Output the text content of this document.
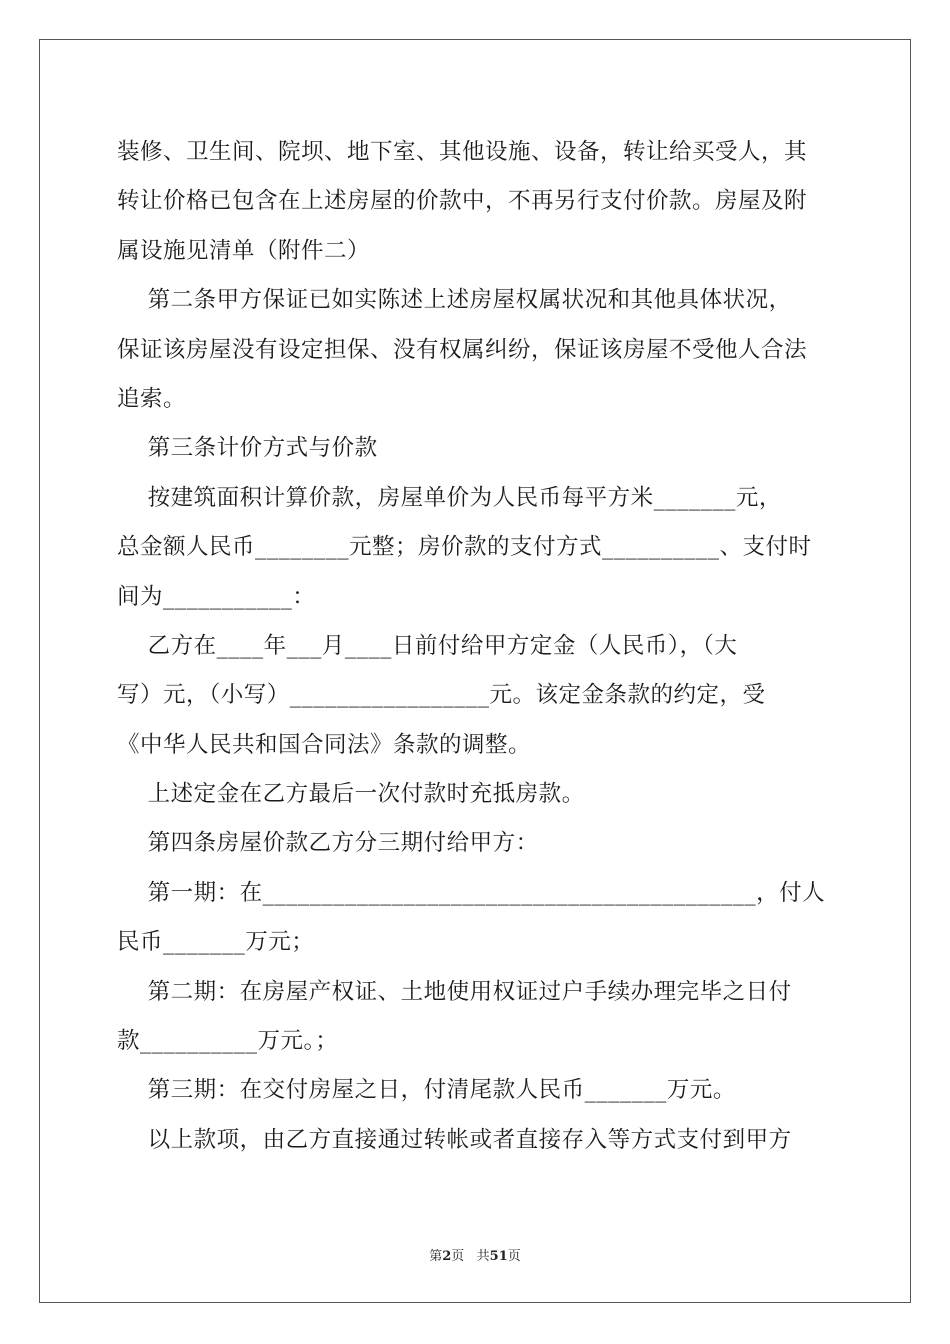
装修、卫生间、院坝、地下室、其他设施、设备，转让给买受人，其
转让价格已包含在上述房屋的价款中，不再另行支付价款。房屋及附
属设施见清单（附件二）
第二条甲方保证已如实陈述上述房屋权属状况和其他具体状况，
保证该房屋没有设定担保、没有权属纠纷，保证该房屋不受他人合法
追索。
第三条计价方式与价款
按建筑面积计算价款，房屋单价为人民币每平方米_______元，
总金额人民币________元整；房价款的支付方式__________、支付时
间为___________：
乙方在____年___月____日前付给甲方定金（人民币），（大
写）元，（小写）_________________元。该定金条款的约定，受
《中华人民共和国合同法》条款的调整。
上述定金在乙方最后一次付款时充抵房款。
第四条房屋价款乙方分三期付给甲方：
第一期：在__________________________________________，付人
民币_______万元；
第二期：在房屋产权证、土地使用权证过户手续办理完毕之日付
款__________万元。；
第三期：在交付房屋之日，付清尾款人民币_______万元。
以上款项，由乙方直接通过转帐或者直接存入等方式支付到甲方
第2页   共51页
